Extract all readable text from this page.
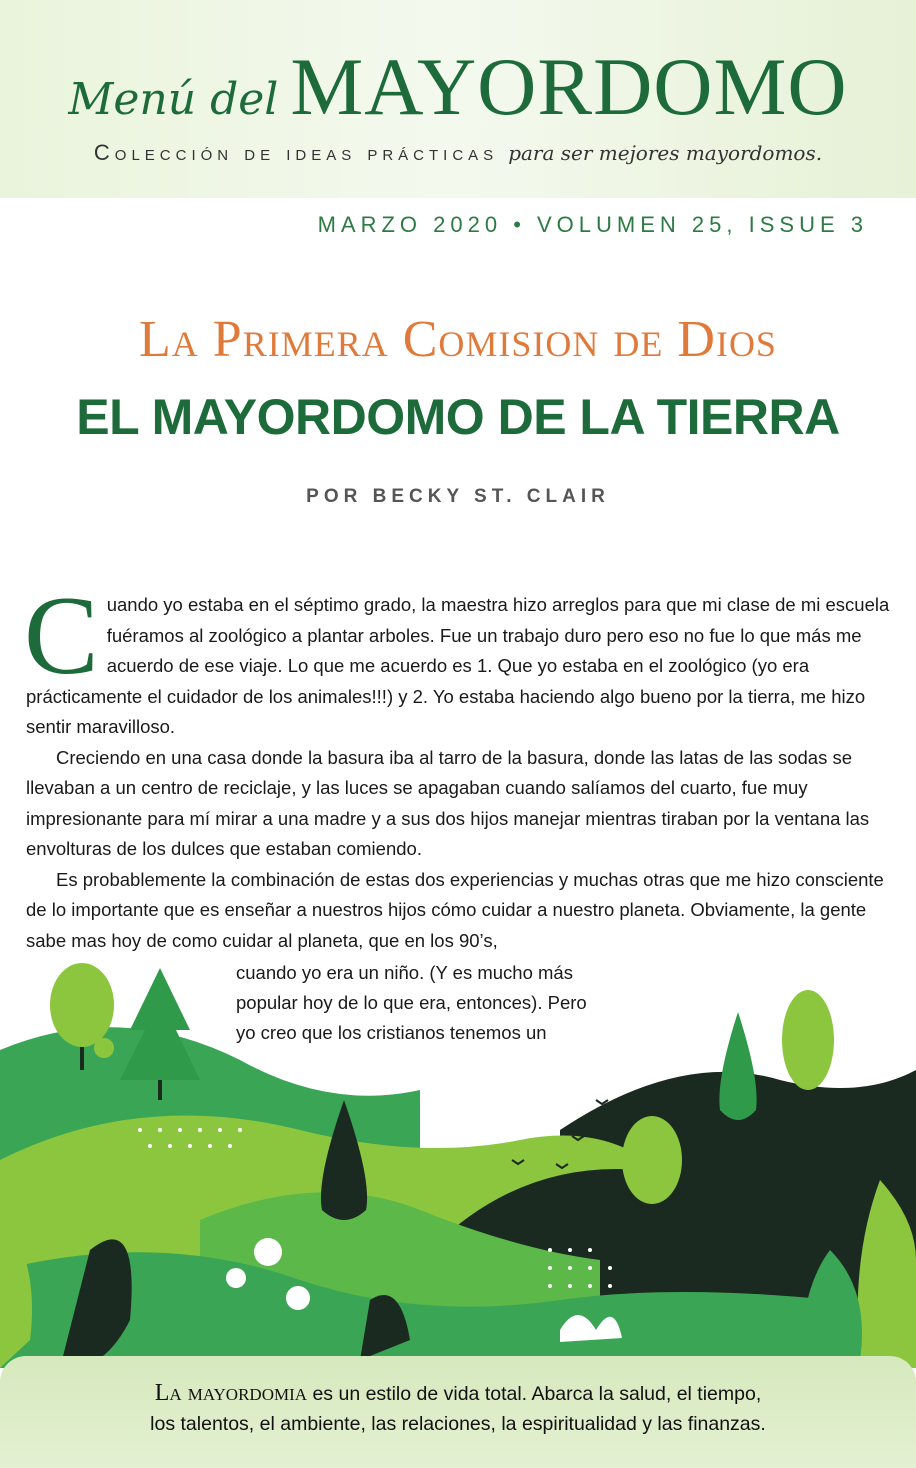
Menú del MAYORDOMO
Colección de ideas prácticas para ser mejores mayordomos.
MARZO 2020 • VOLUMEN 25, ISSUE 3
La Primera Comision de Dios
EL MAYORDOMO DE LA TIERRA
POR BECKY ST. CLAIR

Cuando yo estaba en el séptimo grado, la maestra hizo arreglos para que mi clase de mi escuela fuéramos al zoológico a plantar arboles. Fue un trabajo duro pero eso no fue lo que más me acuerdo de ese viaje. Lo que me acuerdo es 1. Que yo estaba en el zoológico (yo era prácticamente el cuidador de los animales!!!) y 2. Yo estaba haciendo algo bueno por la tierra, me hizo sentir maravilloso.

Creciendo en una casa donde la basura iba al tarro de la basura, donde las latas de las sodas se llevaban a un centro de reciclaje, y las luces se apagaban cuando salíamos del cuarto, fue muy impresionante para mí mirar a una madre y a sus dos hijos manejar mientras tiraban por la ventana las envolturas de los dulces que estaban comiendo.

Es probablemente la combinación de estas dos experiencias y muchas otras que me hizo consciente de lo importante que es enseñar a nuestros hijos cómo cuidar a nuestro planeta. Obviamente, la gente sabe mas hoy de como cuidar al planeta, que en los 90’s,

cuando yo era un niño. (Y es mucho más

popular hoy de lo que era, entonces). Pero

yo creo que los cristianos tenemos un

La mayordomia es un estilo de vida total. Abarca la salud, el tiempo,
los talentos, el ambiente, las relaciones, la espiritualidad y las finanzas.
